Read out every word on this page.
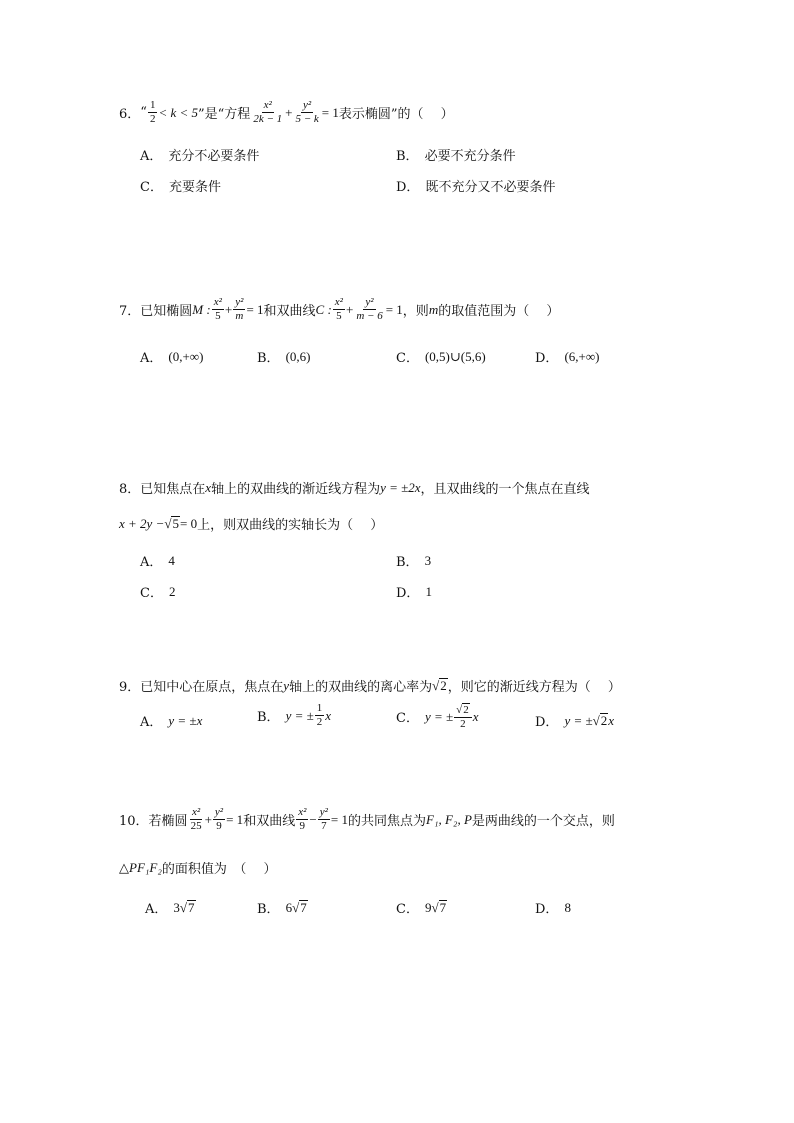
6． “ $\frac{1}{2} < k < 5$ ”是“方程 $\frac{\text{x²}}{2k - 1} + \frac{\text{y²}}{5 - k} = 1$ 表示椭圆”的（　 ）
A． 充分不必要条件	B． 必要不充分条件
C． 充要条件	D． 既不充分又不必要条件
7． 已知椭圆 M : $\frac{\text{x²}}{5} + \frac{\text{y²}}{m} = 1$ 和双曲线 C : $\frac{\text{x²}}{5} + \frac{\text{y²}}{m - 6} = 1$ ，则 m 的取值范围为（　 ）
A． (0,+∞)	B． (0,6)	C． (0,5)∪(5,6)	D． (6,+∞)
8． 已知焦点在 x 轴上的双曲线的渐近线方程为 y = ±2x ，且双曲线的一个焦点在直线
x + 2y − √ 5 = 0 上，则双曲线的实轴长为（　 ）
A． 4	B． 3
C． 2	D． 1
9． 已知中心在原点，焦点在 y 轴上的双曲线的离心率为 √ 2 ，则它的渐近线方程为（　 ）
A． y = ±x	B． y = ± $\frac{1}{2}$ x	C． y = ± $\frac{√ 2}{2}$ x	D． y = ± √ 2 x
10． 若椭圆 $\frac{\text{x²}}{25} + \frac{\text{y²}}{9} = 1$ 和双曲线 $\frac{\text{x²}}{9} - \frac{\text{y²}}{7} = 1$ 的共同焦点为 F₁, F₂, P 是两曲线的一个交点，则
△PF₁F₂ 的面积值为　（　 ）
A． 3 √ 7	B． 6 √ 7	C． 9 √ 7	D． 8
